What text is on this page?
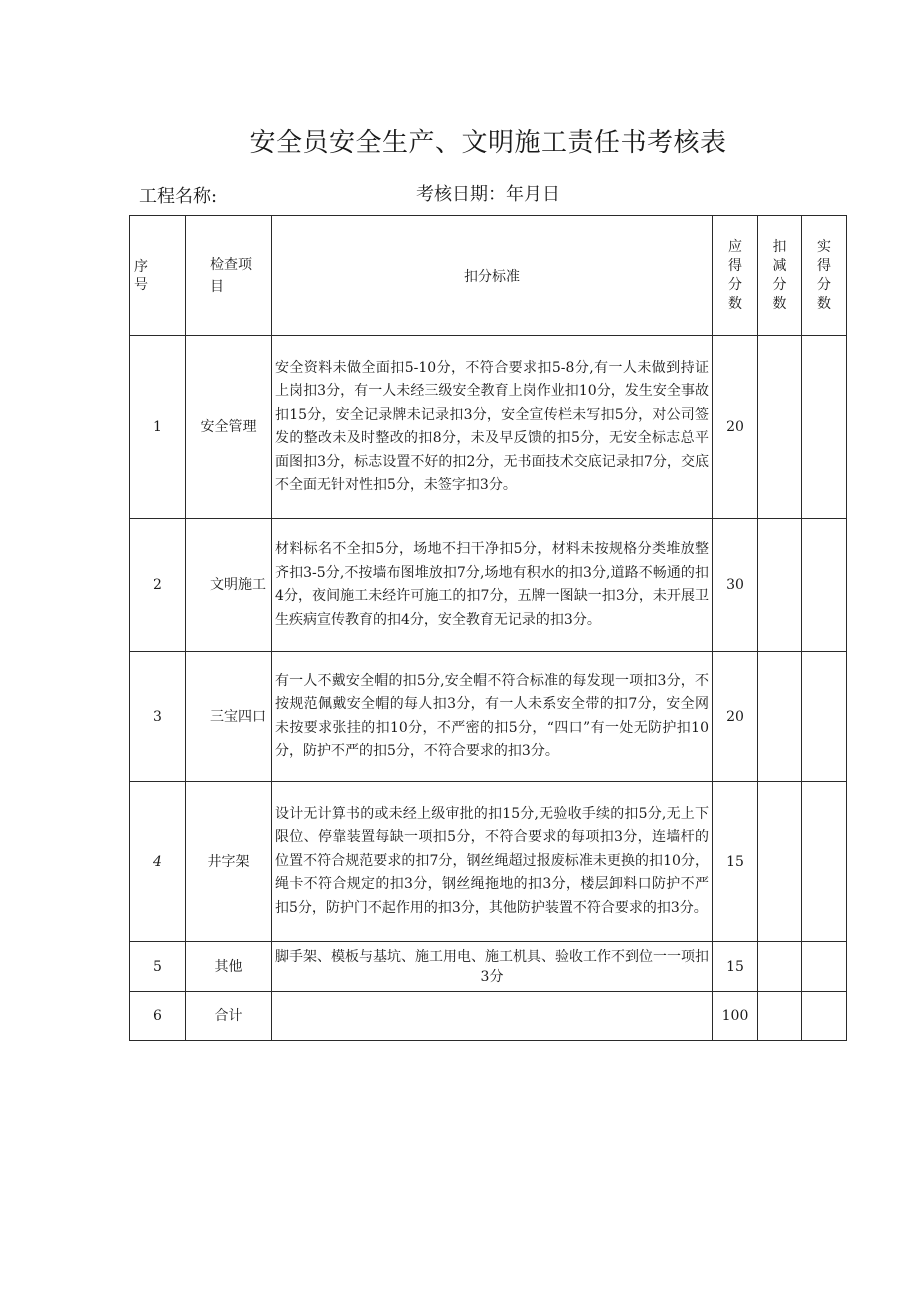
安全员安全生产、文明施工责任书考核表
工程名称:	考核日期：年月日
序
号	检查项
目	扣分标准	应
得
分
数	扣
减
分
数	实
得
分
数

1	安全管理	安全资料未做全面扣5-10分，不符合要求扣5-8分,有一人未做到持证上岗扣3分，有一人未经三级安全教育上岗作业扣10分，发生安全事故扣15分，安全记录牌未记录扣3分，安全宣传栏未写扣5分，对公司签发的整改未及时整改的扣8分，未及早反馈的扣5分，无安全标志总平面图扣3分，标志设置不好的扣2分，无书面技术交底记录扣7分，交底不全面无针对性扣5分，未签字扣3分。	20		
2	文明施工	材料标名不全扣5分，场地不扫干净扣5分，材料未按规格分类堆放整齐扣3-5分,不按墙布图堆放扣7分,场地有积水的扣3分,道路不畅通的扣4分，夜间施工未经许可施工的扣7分，五牌一图缺一扣3分，未开展卫生疾病宣传教育的扣4分，安全教育无记录的扣3分。	30		
3	三宝四口	有一人不戴安全帽的扣5分,安全帽不符合标准的每发现一项扣3分，不按规范佩戴安全帽的每人扣3分，有一人未系安全带的扣7分，安全网未按要求张挂的扣10分，不严密的扣5分，“四口”有一处无防护扣10分，防护不严的扣5分，不符合要求的扣3分。	20		
4	井字架	设计无计算书的或未经上级审批的扣15分,无验收手续的扣5分,无上下限位、停靠装置每缺一项扣5分，不符合要求的每项扣3分，连墙杆的位置不符合规范要求的扣7分，钢丝绳超过报废标准未更换的扣10分，绳卡不符合规定的扣3分，钢丝绳拖地的扣3分，楼层卸料口防护不严扣5分，防护门不起作用的扣3分，其他防护装置不符合要求的扣3分。	15		
5	其他	脚手架、模板与基坑、施工用电、施工机具、验收工作不到位一一项扣3分	15		
6	合计		100		
